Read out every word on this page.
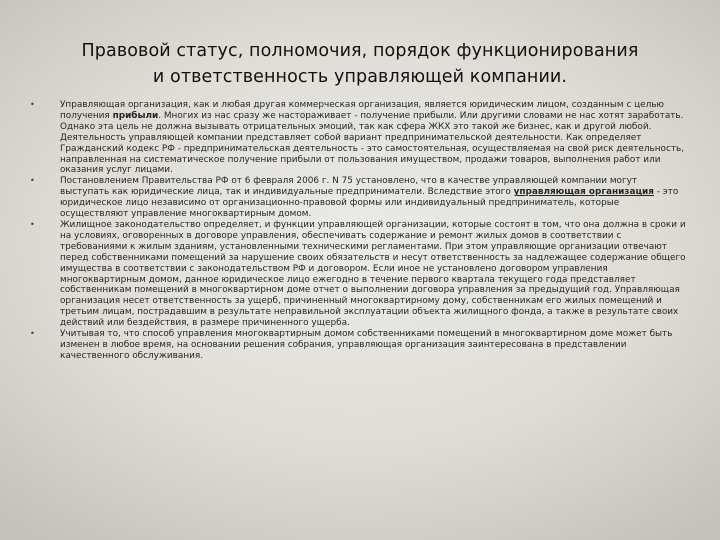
Правовой статус, полномочия, порядок функционирования
и ответственность управляющей компании.
•	Управляющая организация, как и любая другая коммерческая организация, является юридическим лицом, созданным с целью получения прибыли. Многих из нас сразу же настораживает - получение прибыли. Или другими словами не нас хотят заработать. Однако эта цель не должна вызывать отрицательных эмоций, так как сфера ЖКХ это такой же бизнес, как и другой любой. Деятельность управляющей компании представляет собой вариант предпринимательской деятельности. Как определяет Гражданский кодекс РФ - предпринимательская деятельность - это самостоятельная, осуществляемая на свой риск деятельность, направленная на систематическое получение прибыли от пользования имуществом, продажи товаров, выполнения работ или оказания услуг лицами.
•	Постановлением Правительства РФ от 6 февраля 2006 г. N 75 установлено, что в качестве управляющей компании могут выступать как юридические лица, так и индивидуальные предприниматели. Вследствие этого управляющая организация - это юридическое лицо независимо от организационно-правовой формы или индивидуальный предприниматель, которые осуществляют управление многоквартирным домом.
•	Жилищное законодательство определяет, и функции управляющей организации, которые состоят в том, что она должна в сроки и на условиях, оговоренных в договоре управления, обеспечивать содержание и ремонт жилых домов в соответствии с требованиями к жилым зданиям, установленными техническими регламентами. При этом управляющие организации отвечают перед собственниками помещений за нарушение своих обязательств и несут ответственность за надлежащее содержание общего имущества в соответствии с законодательством РФ и договором. Если иное не установлено договором управления многоквартирным домом, данное юридическое лицо ежегодно в течение первого квартала текущего года представляет собственникам помещений в многоквартирном доме отчет о выполнении договора управления за предыдущий год. Управляющая организация несет ответственность за ущерб, причиненный многоквартирному дому, собственникам его жилых помещений и третьим лицам, пострадавшим в результате неправильной эксплуатации объекта жилищного фонда, а также в результате своих действий или бездействия, в размере причиненного ущерба.
•	Учитывая то, что способ управления многоквартирным домом собственниками помещений в многоквартирном доме может быть изменен в любое время, на основании решения собрания, управляющая организация заинтересована в представлении качественного обслуживания.
